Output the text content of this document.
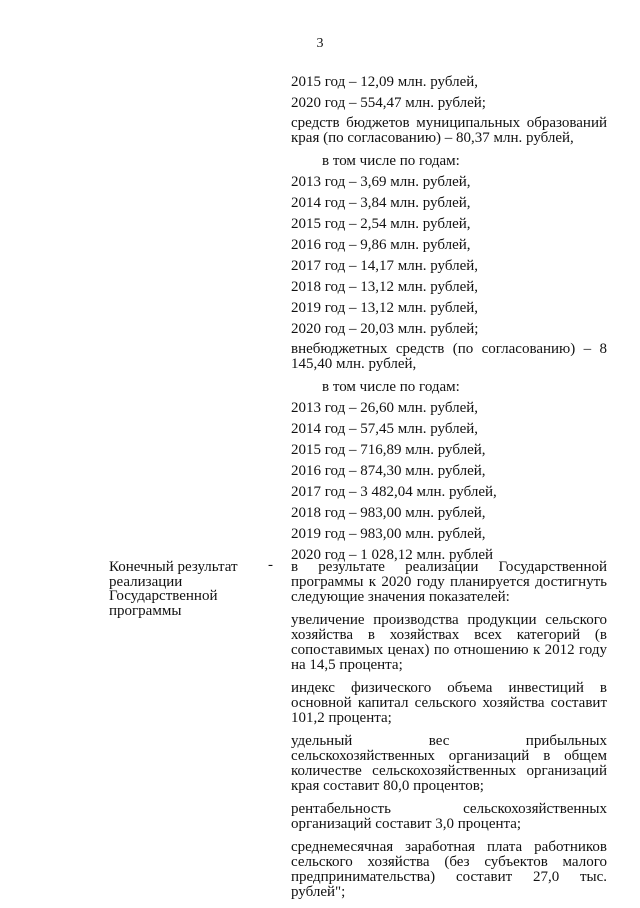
3
2015 год – 12,09 млн. рублей,
2020 год – 554,47 млн. рублей;
средств бюджетов муниципальных образований края (по согласованию) – 80,37 млн. рублей,
в том числе по годам:
2013 год – 3,69 млн. рублей,
2014 год – 3,84 млн. рублей,
2015 год – 2,54 млн. рублей,
2016 год – 9,86 млн. рублей,
2017 год – 14,17 млн. рублей,
2018 год – 13,12 млн. рублей,
2019 год – 13,12 млн. рублей,
2020 год – 20,03 млн. рублей;
внебюджетных средств (по согласованию) – 8 145,40 млн. рублей,
в том числе по годам:
2013 год – 26,60 млн. рублей,
2014 год – 57,45 млн. рублей,
2015 год – 716,89 млн. рублей,
2016 год – 874,30 млн. рублей,
2017 год – 3 482,04 млн. рублей,
2018 год – 983,00 млн. рублей,
2019 год – 983,00 млн. рублей,
2020 год – 1 028,12 млн. рублей
Конечный результат реализации Государственной программы
- в результате реализации Государственной программы к 2020 году планируется достигнуть следующие значения показателей:
увеличение производства продукции сельского хозяйства в хозяйствах всех категорий (в сопоставимых ценах) по отношению к 2012 году на 14,5 процента;
индекс физического объема инвестиций в основной капитал сельского хозяйства составит 101,2 процента;
удельный вес прибыльных сельскохозяйственных организаций в общем количестве сельскохозяйственных организаций края составит 80,0 процентов;
рентабельность сельскохозяйственных организаций составит 3,0 процента;
среднемесячная заработная плата работников сельского хозяйства (без субъектов малого предпринимательства) составит 27,0 тыс. рублей";
